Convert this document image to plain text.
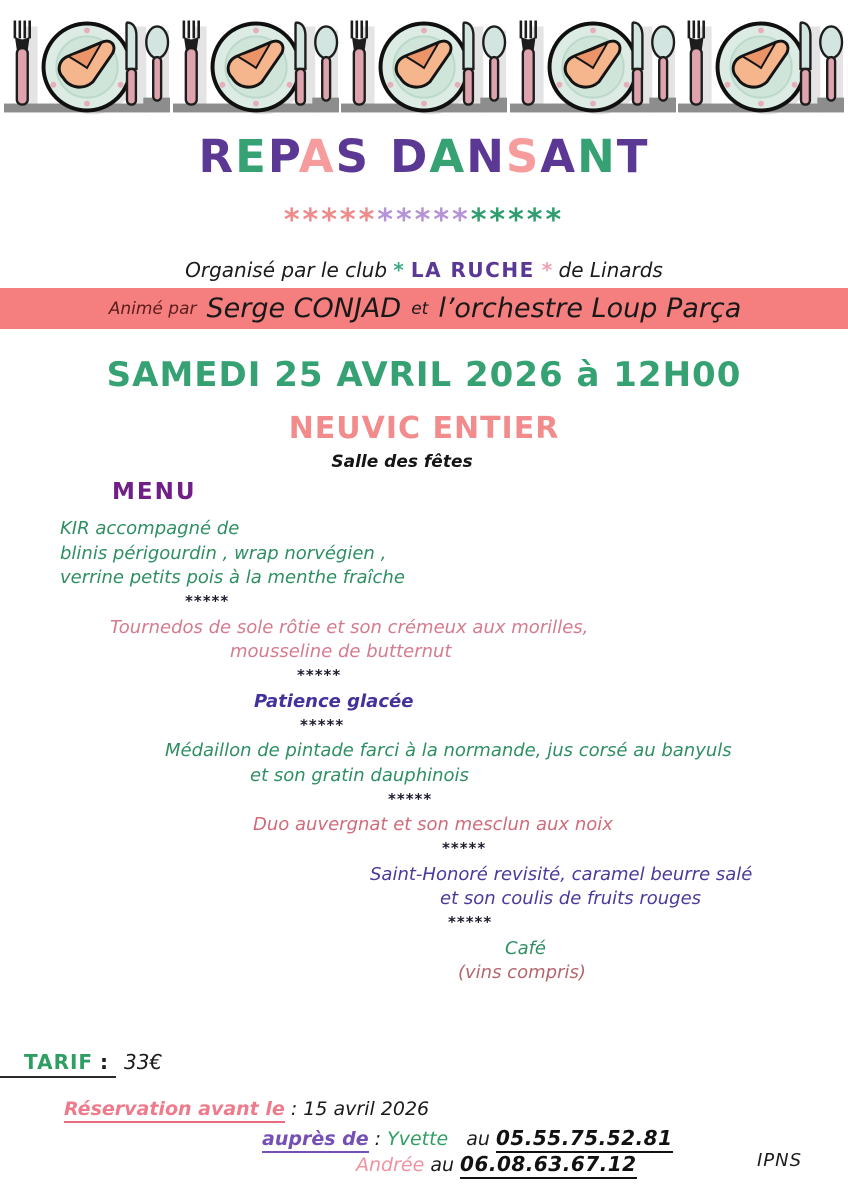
REPAS DANSANT
***************
Organisé par le club * LA RUCHE * de Linards
Animé par Serge CONJAD et l’orchestre Loup Parça
SAMEDI 25 AVRIL 2026 à 12H00
NEUVIC ENTIER
Salle des fêtes
MENU
KIR accompagné de
blinis périgourdin , wrap norvégien ,
verrine petits pois à la menthe fraîche
*****
Tournedos de sole rôtie et son crémeux aux morilles,
mousseline de butternut
*****
Patience glacée
*****
Médaillon de pintade farci à la normande, jus corsé au banyuls
et son gratin dauphinois
*****
Duo auvergnat et son mesclun aux noix
*****
Saint-Honoré revisité, caramel beurre salé
et son coulis de fruits rouges
*****
Café
(vins compris)
TARIF : 33€
Réservation avant le : 15 avril 2026
auprès de : Yvette au 05.55.75.52.81
Andrée au 06.08.63.67.12	IPNS
